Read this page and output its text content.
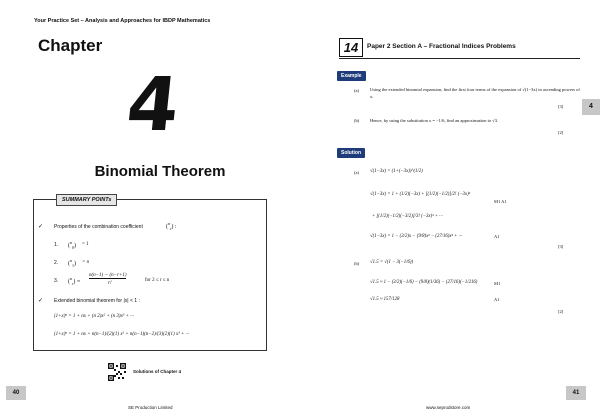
Your Practice Set – Analysis and Approaches for IBDP Mathematics
Chapter
4
Binomial Theorem
SUMMARY POINTs
✓ Properties of the combination coefficient	($^n_r$) :
1. ($^n_0$) = 1
2. ($^n_1$) = n
3. ($^n_r$) =
n(n−1) ··· (n−r+1)
r!
for 2 ≤ r ≤ n
✓ Extended binomial theorem for |x| < 1 :
(1+x)ⁿ = 1 + nx + (n 2)x² + (n 3)x³ + ···
(1+x)ⁿ = 1 + nx + n(n−1)/(2)(1) x² + n(n−1)(n−2)/(3)(2)(1) x³ + ···
Solutions of Chapter 4
40
SE Production Limited
14	Paper 2 Section A – Fractional Indices Problems
Example
(a) Using the extended binomial expansion, find the first four terms of the expansion of √(1−3x) in ascending powers of x.
[3]
(b) Hence, by using the substitution x = −1/6, find an approximation to √3.
[2]
Solution
(a) √(1−3x) = (1+(−3x))^(1/2)
√(1−3x) = 1 + (1/2)(−3x) + [(1/2)(−1/2)]/2! (−3x)²
M1 A1
+ [(1/2)(−1/2)(−3/2)]/3! (−3x)³ + ···
√(1−3x) = 1 − (3/2)x − (9/8)x² − (27/16)x³ + ···	A1
[3]
(b) √1.5 = √(1 − 3(−1/6))
√1.5 ≈ 1 − (3/2)(−1/6) − (9/8)(1/36) − (27/16)(−1/216)	M1
√1.5 ≈ 157/128	A1
[2]
4
41
www.seprodstore.com
